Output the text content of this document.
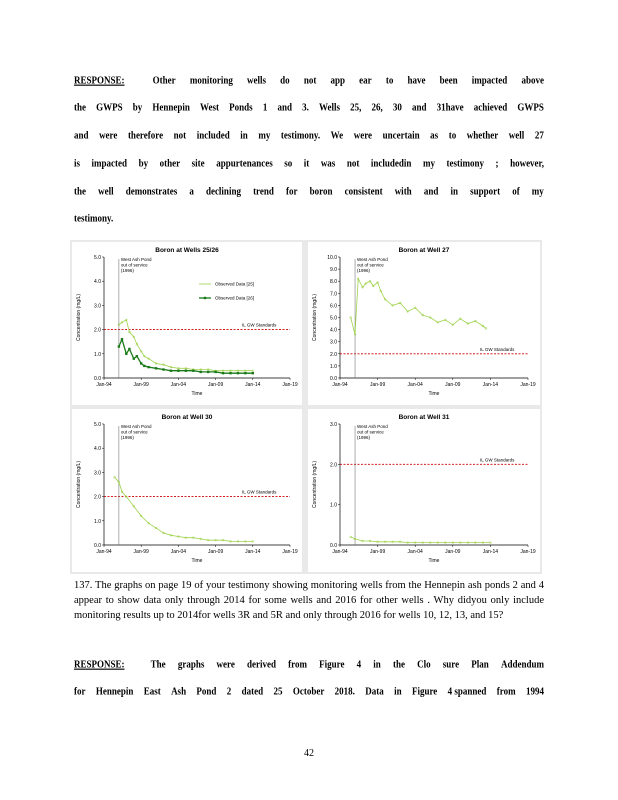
RESPONSE:	Other monitoring wells do not app ear to have been impacted above
the GWPS by Hennepin West Ponds 1 and 3. Wells 25, 26, 30 and 31have achieved GWPS
and were therefore not included in my testimony. We were uncertain as to whether well 27
is impacted by other site appurtenances so it was not includedin my testimony ; however,
the well demonstrates a declining trend for boron consistent with and in support of my
testimony.
Boron at Wells 25/26
0.0
1.0
2.0
3.0
4.0
5.0
Jan-94	Jan-99	Jan-04	Jan-09	Jan-14	Jan-19
Time
Concentration (mg/L)	IL GW Standards
West Ash Pond
out of service
(1996)
Observed Data [25]
Observed Data [26]
Boron at Well 27
0.0
1.0
2.0
3.0
4.0
5.0
6.0
7.0
8.0
9.0
10.0
Jan-94	Jan-99	Jan-04	Jan-09	Jan-14	Jan-19
Time
Concentration (mg/L)
IL GW Standards
West Ash Pond
out of service
(1996)
Boron at Well 30
0.0
1.0
2.0
3.0
4.0
5.0
Jan-94	Jan-99	Jan-04	Jan-09	Jan-14	Jan-19
Time
Concentration (mg/L)	IL GW Standards
West Ash Pond
out of service
(1996)
Boron at Well 31
0.0
1.0
2.0
3.0
Jan-94	Jan-99	Jan-04	Jan-09	Jan-14	Jan-19
Time
Concentration (mg/L)
IL GW Standards
West Ash Pond
out of service
(1996)
137. The graphs on page 19 of your testimony showing monitoring wells from the Hennepin ash ponds 2 and 4 appear to show data only through 2014 for some wells and 2016 for other wells . Why didyou only include monitoring results up to 2014for wells 3R and 5R and only through 2016 for wells 10, 12, 13, and 15?
RESPONSE:	The graphs were derived from Figure 4 in the Clo sure Plan Addendum
for Hennepin East Ash Pond 2 dated 25 October 2018. Data in Figure 4 spanned from 1994
42
